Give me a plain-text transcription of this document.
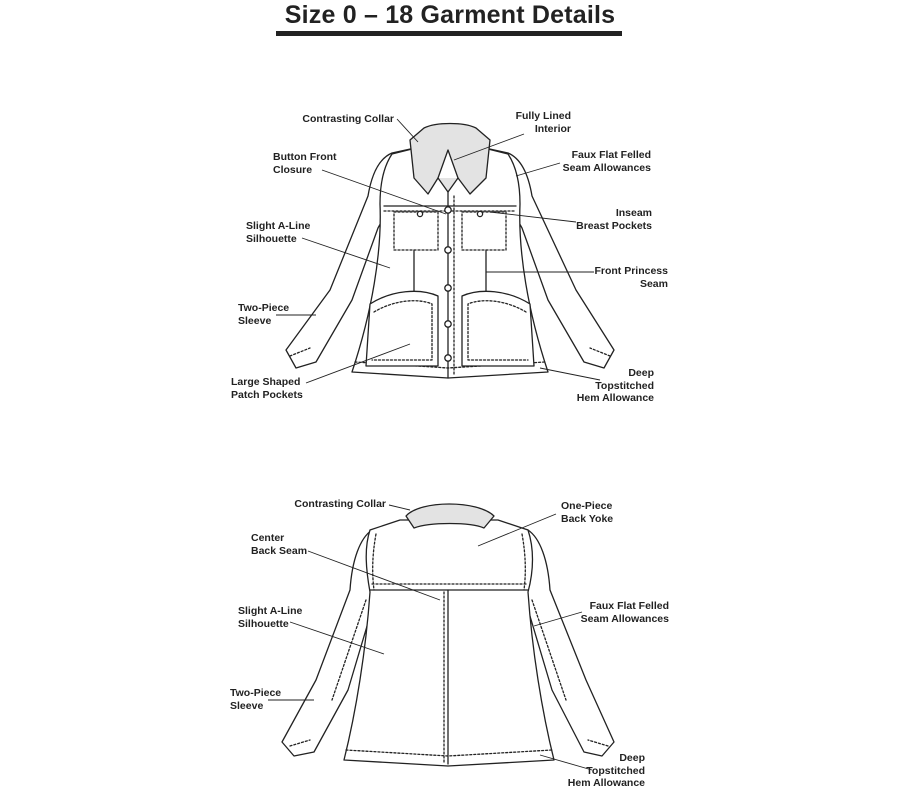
Size 0 – 18 Garment Details
Contrasting Collar	Fully Lined
Interior
Button Front
Closure
Faux Flat Felled
Seam Allowances
Inseam
Breast Pockets
Slight A-Line
Silhouette
Front Princess
Seam
Two-Piece
Sleeve
Large Shaped
Patch Pockets
Deep
Topstitched
Hem Allowance
Contrasting Collar	One-Piece
Back Yoke
Center
Back Seam
Slight A-Line
Silhouette
Faux Flat Felled
Seam Allowances
Two-Piece
Sleeve
Deep
Topstitched
Hem Allowance
